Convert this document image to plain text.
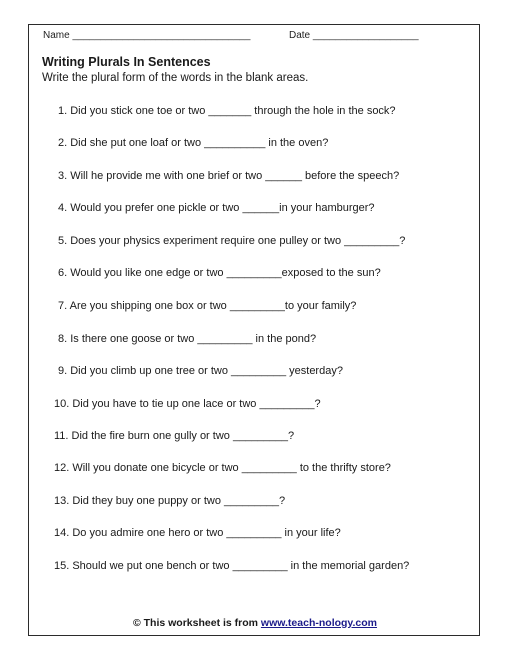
Name ________________________________	Date ___________________
Writing Plurals In Sentences
Write the plural form of the words in the blank areas.
1. Did you stick one toe or two _______ through the hole in the sock?
2. Did she put one loaf or two __________ in the oven?
3. Will he provide me with one brief or two ______ before the speech?
4. Would you prefer one pickle or two ______in your hamburger?
5. Does your physics experiment require one pulley or two _________?
6. Would you like one edge or two _________exposed to the sun?
7. Are you shipping one box or two _________to your family?
8. Is there one goose or two _________ in the pond?
9. Did you climb up one tree or two _________ yesterday?
10. Did you have to tie up one lace or two _________?
11. Did the fire burn one gully or two _________?
12. Will you donate one bicycle or two _________ to the thrifty store?
13. Did they buy one puppy or two _________?
14. Do you admire one hero or two _________ in your life?
15. Should we put one bench or two _________ in the memorial garden?
© This worksheet is from www.teach-nology.com
